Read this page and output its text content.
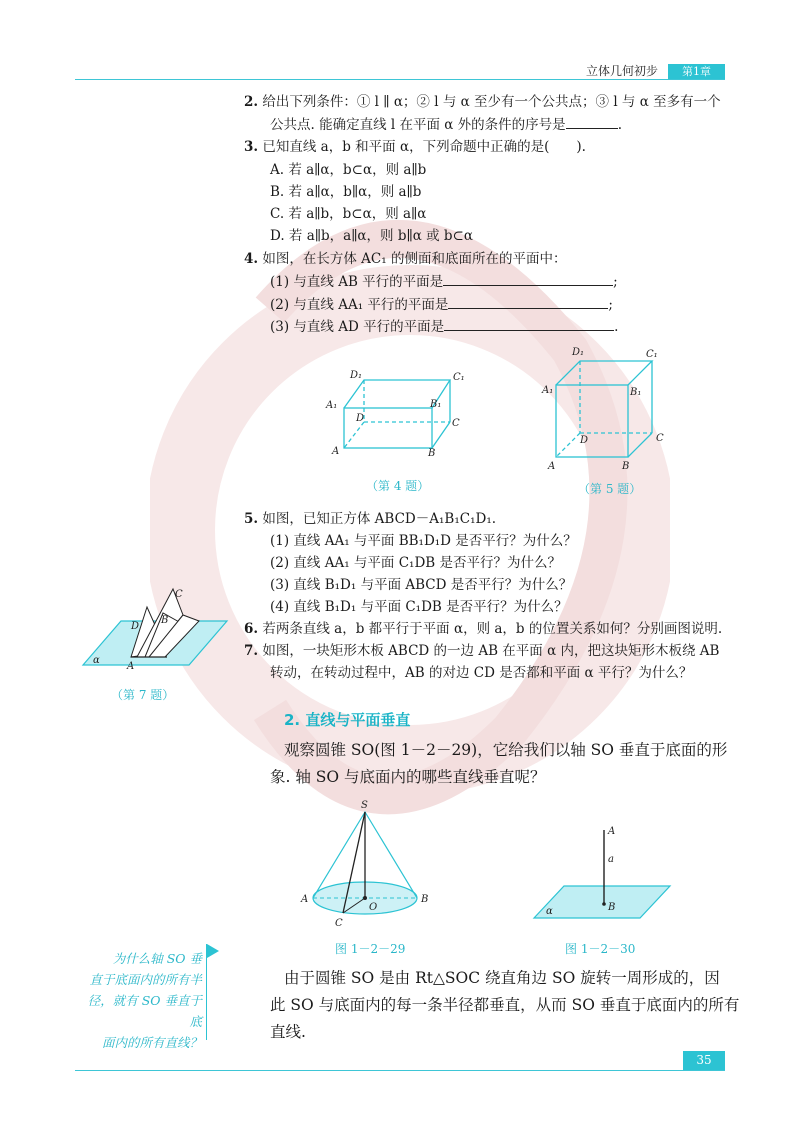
立体几何初步	第1章
2. 给出下列条件：① l ∥ α；② l 与 α 至少有一个公共点；③ l 与 α 至多有一个
公共点. 能确定直线 l 在平面 α 外的条件的序号是	.
3. 已知直线 a，b 和平面 α，下列命题中正确的是(　　).
A. 若 a∥α，b⊂α，则 a∥b
B. 若 a∥α，b∥α，则 a∥b
C. 若 a∥b，b⊂α，则 a∥α
D. 若 a∥b，a∥α，则 b∥α 或 b⊂α
4. 如图，在长方体 AC₁ 的侧面和底面所在的平面中：
(1) 与直线 AB 平行的平面是	;
(2) 与直线 AA₁ 平行的平面是	;
(3) 与直线 AD 平行的平面是	.
D₁	C₁
A₁	B₁
D	C
A	B
（第 4 题）
D₁	C₁
A₁	B₁
D	C
A	B
（第 5 题）
5. 如图，已知正方体 ABCD－A₁B₁C₁D₁.
(1) 直线 AA₁ 与平面 BB₁D₁D 是否平行？为什么？
(2) 直线 AA₁ 与平面 C₁DB 是否平行？为什么？
(3) 直线 B₁D₁ 与平面 ABCD 是否平行？为什么？
(4) 直线 B₁D₁ 与平面 C₁DB 是否平行？为什么？
C
D
B
A
α
（第 7 题）
6. 若两条直线 a，b 都平行于平面 α，则 a，b 的位置关系如何？分别画图说明.
7. 如图，一块矩形木板 ABCD 的一边 AB 在平面 α 内，把这块矩形木板绕 AB
转动，在转动过程中，AB 的对边 CD 是否都和平面 α 平行？为什么？
2. 直线与平面垂直
观察圆锥 SO(图 1－2－29)，它给我们以轴 SO 垂直于底面的形
象. 轴 SO 与底面内的哪些直线垂直呢？
S
A	B
O
C
图 1－2－29
A
a
B
α
图 1－2－30
为什么轴 SO 垂
直于底面内的所有半
径，就有 SO 垂直于底
面内的所有直线？
由于圆锥 SO 是由 Rt△SOC 绕直角边 SO 旋转一周形成的，因
此 SO 与底面内的每一条半径都垂直，从而 SO 垂直于底面内的所有
直线.
35
